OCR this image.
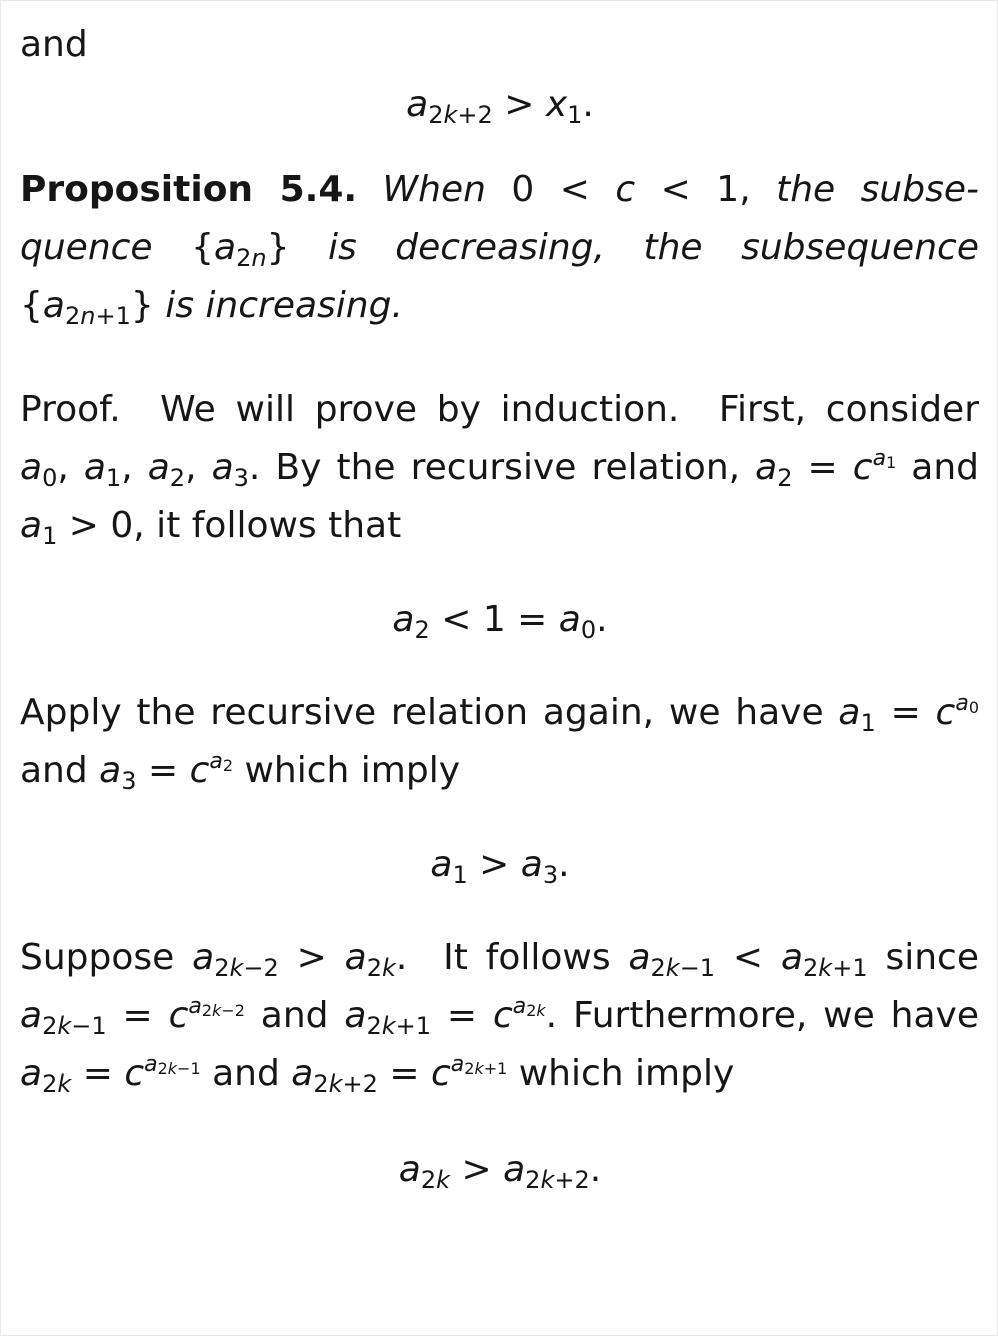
and
$a_{2k+2} > x_1$.
Proposition 5.4. When 0 < c < 1, the subse-
quence $\{a_{2n}\}$ is decreasing, the subsequence
$\{a_{2n+1}\}$ is increasing.
Proof.  We will prove by induction.  First, consider
$a_0$, $a_1$, $a_2$, $a_3$. By the recursive relation, $a_2 = c^{a_1}$ and
$a_1 > 0$, it follows that
$a_2 < 1 = a_0$.
Apply the recursive relation again, we have $a_1 = c^{a_0}$
and $a_3 = c^{a_2}$ which imply
$a_1 > a_3$.
Suppose $a_{2k-2} > a_{2k}$.  It follows $a_{2k-1} < a_{2k+1}$ since
$a_{2k-1} = c^{a_{2k-2}}$ and $a_{2k+1} = c^{a_{2k}}$. Furthermore, we have
$a_{2k} = c^{a_{2k-1}}$ and $a_{2k+2} = c^{a_{2k+1}}$ which imply
$a_{2k} > a_{2k+2}$.
